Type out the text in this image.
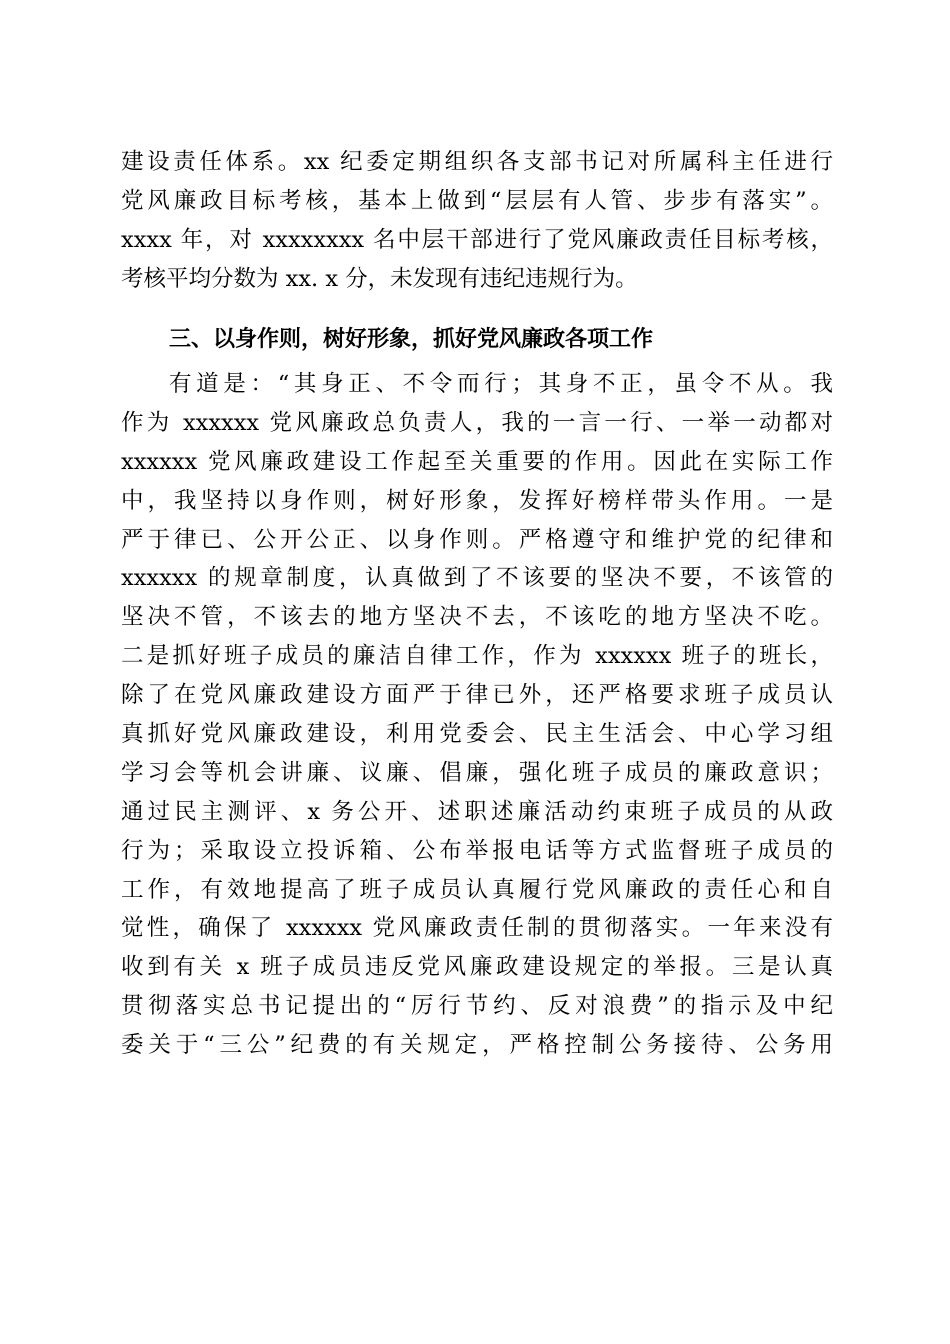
建设责任体系。xx 纪委定期组织各支部书记对所属科主任进行
党风廉政目标考核，基本上做到“层层有人管、步步有落实”。
xxxx 年，对 xxxxxxxx 名中层干部进行了党风廉政责任目标考核，
考核平均分数为 xx. x 分，未发现有违纪违规行为。
三、以身作则，树好形象，抓好党风廉政各项工作
有道是：“其身正、不令而行；其身不正，虽令不从。我
作为 xxxxxx 党风廉政总负责人，我的一言一行、一举一动都对
xxxxxx 党风廉政建设工作起至关重要的作用。因此在实际工作
中，我坚持以身作则，树好形象，发挥好榜样带头作用。一是
严于律已、公开公正、以身作则。严格遵守和维护党的纪律和
xxxxxx 的规章制度，认真做到了不该要的坚决不要，不该管的
坚决不管，不该去的地方坚决不去，不该吃的地方坚决不吃。
二是抓好班子成员的廉洁自律工作，作为 xxxxxx 班子的班长，
除了在党风廉政建设方面严于律已外，还严格要求班子成员认
真抓好党风廉政建设，利用党委会、民主生活会、中心学习组
学习会等机会讲廉、议廉、倡廉，强化班子成员的廉政意识；
通过民主测评、x 务公开、述职述廉活动约束班子成员的从政
行为；采取设立投诉箱、公布举报电话等方式监督班子成员的
工作，有效地提高了班子成员认真履行党风廉政的责任心和自
觉性，确保了 xxxxxx 党风廉政责任制的贯彻落实。一年来没有
收到有关 x 班子成员违反党风廉政建设规定的举报。三是认真
贯彻落实总书记提出的“厉行节约、反对浪费”的指示及中纪
委关于“三公”纪费的有关规定，严格控制公务接待、公务用
